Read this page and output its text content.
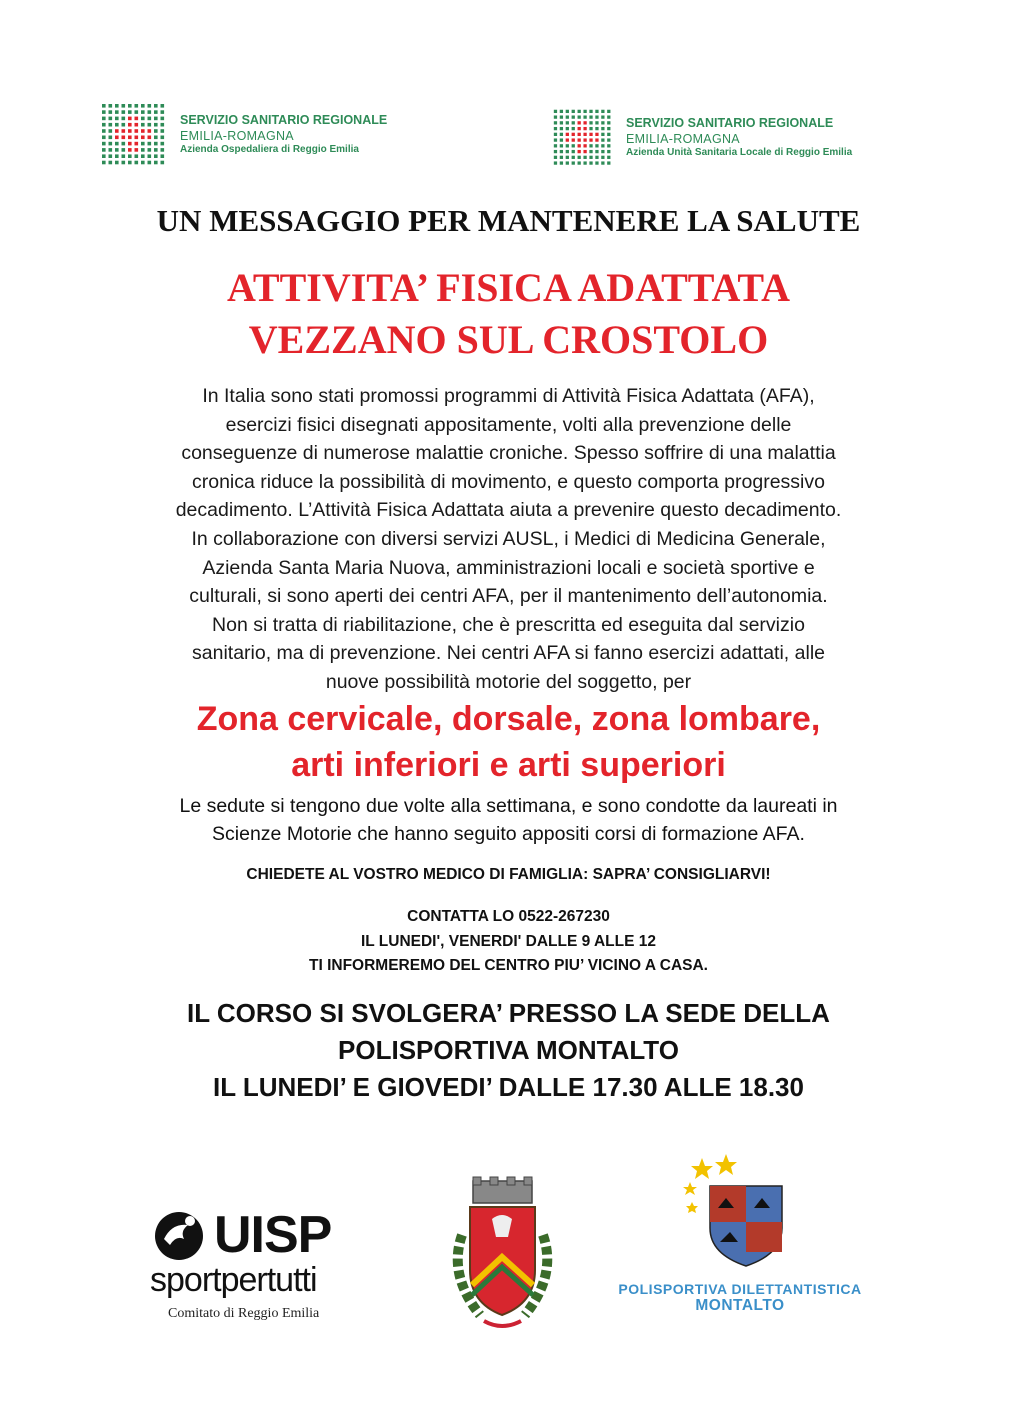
SERVIZIO SANITARIO REGIONALE
EMILIA-ROMAGNA
Azienda Ospedaliera di Reggio Emilia
SERVIZIO SANITARIO REGIONALE
EMILIA-ROMAGNA
Azienda Unità Sanitaria Locale di Reggio Emilia
UN MESSAGGIO PER MANTENERE LA SALUTE
ATTIVITA’ FISICA ADATTATA
VEZZANO SUL CROSTOLO
In Italia sono stati promossi programmi di Attività Fisica Adattata (AFA),
esercizi fisici disegnati appositamente, volti alla prevenzione delle
conseguenze di numerose malattie croniche. Spesso soffrire di una malattia
cronica riduce la possibilità di movimento, e questo comporta progressivo
decadimento. L’Attività Fisica Adattata aiuta a prevenire questo decadimento.
In collaborazione con diversi servizi AUSL, i Medici di Medicina Generale,
Azienda Santa Maria Nuova, amministrazioni locali e società sportive e
culturali, si sono aperti dei centri AFA, per il mantenimento dell’autonomia.
Non si tratta di riabilitazione, che è prescritta ed eseguita dal servizio
sanitario, ma di prevenzione. Nei centri AFA si fanno esercizi adattati, alle
nuove possibilità motorie del soggetto, per
Zona cervicale, dorsale, zona lombare,
arti inferiori e arti superiori
Le sedute si tengono due volte alla settimana, e sono condotte da laureati in
Scienze Motorie che hanno seguito appositi corsi di formazione AFA.
CHIEDETE AL VOSTRO MEDICO DI FAMIGLIA: SAPRA’ CONSIGLIARVI!
CONTATTA LO 0522-267230
IL LUNEDI', VENERDI' DALLE 9 ALLE 12
TI INFORMEREMO DEL CENTRO PIU’ VICINO A CASA.
IL CORSO SI SVOLGERA’ PRESSO LA SEDE DELLA
POLISPORTIVA MONTALTO
IL LUNEDI’ E GIOVEDI’ DALLE 17.30 ALLE 18.30
UISP
sportpertutti
Comitato di Reggio Emilia
POLISPORTIVA DILETTANTISTICA
MONTALTO
